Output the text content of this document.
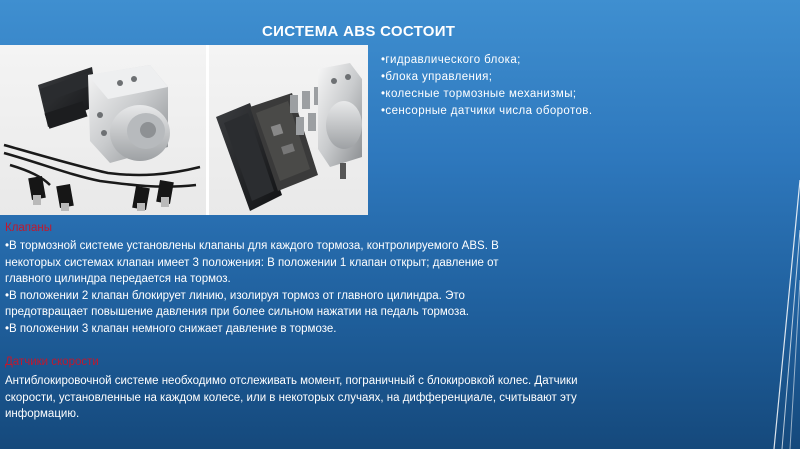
СИСТЕМА ABS СОСТОИТ
•гидравлического блока;
•блока управления;
•колесные тормозные механизмы;
•сенсорные датчики числа оборотов.
Клапаны

•В тормозной системе установлены клапаны для каждого тормоза, контролируемого ABS. В

некоторых системах клапан имеет 3 положения: В положении 1 клапан открыт; давление от

главного цилиндра передается на тормоз.

•В положении 2 клапан блокирует линию, изолируя тормоз от главного цилиндра. Это

предотвращает повышение давления при более сильном нажатии на педаль тормоза.

•В положении 3 клапан немного снижает давление в тормозе.

Датчики скорости

Антиблокировочной системе необходимо отслеживать момент, пограничный с блокировкой колес. Датчики

скорости, установленные на каждом колесе, или в некоторых случаях, на дифференциале, считывают эту

информацию.
